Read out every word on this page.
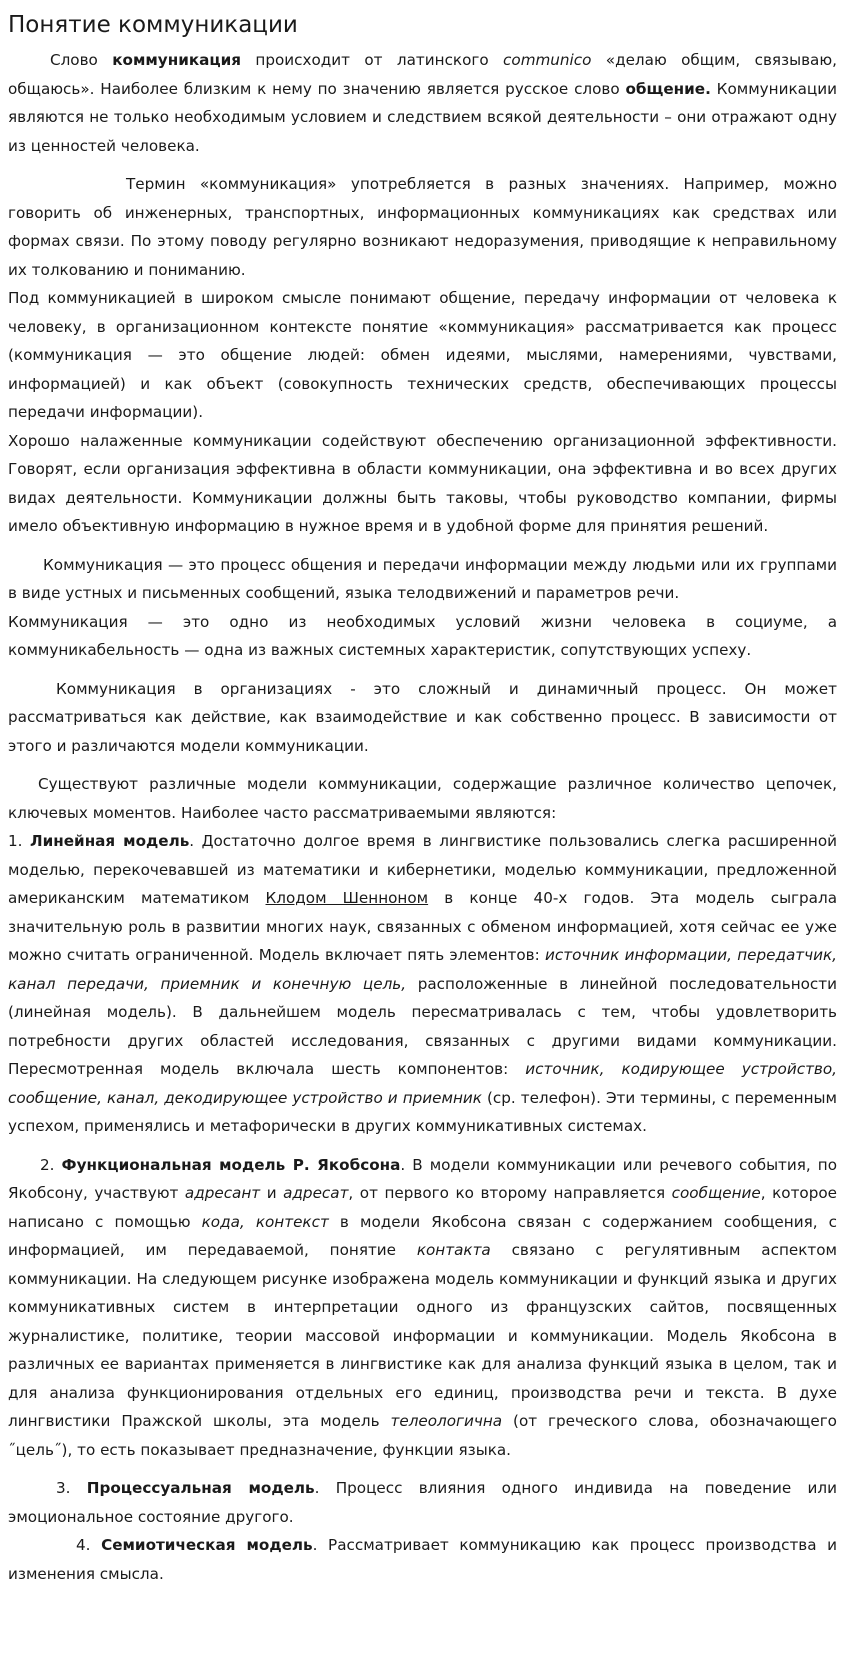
Понятие коммуникации

Слово коммуникация происходит от латинского communico «делаю общим, связываю, общаюсь». Наиболее близким к нему по значению является русское слово общение. Коммуникации являются не только необходимым условием и следствием всякой деятельности – они отражают одну из ценностей человека.

Термин «коммуникация» употребляется в разных значениях. Например, можно говорить об инженерных, транспортных, информационных коммуникациях как средствах или формах связи. По этому поводу регулярно возникают недоразумения, приводящие к неправильному их толкованию и пониманию.

Под коммуникацией в широком смысле понимают общение, передачу информации от человека к человеку, в организационном контексте понятие «коммуникация» рассматривается как процесс (коммуникация — это общение людей: обмен идеями, мыслями, намерениями, чувствами, информацией) и как объект (совокупность технических средств, обеспечивающих процессы передачи информации).

Хорошо налаженные коммуникации содействуют обеспечению организационной эффективности. Говорят, если организация эффективна в области коммуникации, она эффективна и во всех других видах деятельности. Коммуникации должны быть таковы, чтобы руководство компании, фирмы имело объективную информацию в нужное время и в удобной форме для принятия решений.

Коммуникация — это процесс общения и передачи информации между людьми или их группами в виде устных и письменных сообщений, языка телодвижений и параметров речи.

Коммуникация — это одно из необходимых условий жизни человека в социуме, а коммуникабельность — одна из важных системных характеристик, сопутствующих успеху.

Коммуникация в организациях - это сложный и динамичный процесс. Он может рассматриваться как действие, как взаимодействие и как собственно процесс. В зависимости от этого и различаются модели коммуникации.

Существуют различные модели коммуникации, содержащие различное количество цепочек, ключевых моментов. Наиболее часто рассматриваемыми являются:

1. Линейная модель. Достаточно долгое время в лингвистике пользовались слегка расширенной моделью, перекочевавшей из математики и кибернетики, моделью коммуникации, предложенной американским математиком Клодом Шенноном в конце 40-х годов. Эта модель сыграла значительную роль в развитии многих наук, связанных с обменом информацией, хотя сейчас ее уже можно считать ограниченной. Модель включает пять элементов: источник информации, передатчик, канал передачи, приемник и конечную цель, расположенные в линейной последовательности (линейная модель). В дальнейшем модель пересматривалась с тем, чтобы удовлетворить потребности других областей исследования, связанных с другими видами коммуникации. Пересмотренная модель включала шесть компонентов: источник, кодирующее устройство, сообщение, канал, декодирующее устройство и приемник (ср. телефон). Эти термины, с переменным успехом, применялись и метафорически в других коммуникативных системах.

2. Функциональная модель Р. Якобсона. В модели коммуникации или речевого события, по Якобсону, участвуют адресант и адресат, от первого ко второму направляется сообщение, которое написано с помощью кода, контекст в модели Якобсона связан с содержанием сообщения, с информацией, им передаваемой, понятие контакта связано с регулятивным аспектом коммуникации. На следующем рисунке изображена модель коммуникации и функций языка и других коммуникативных систем в интерпретации одного из французских сайтов, посвященных журналистике, политике, теории массовой информации и коммуникации. Модель Якобсона в различных ее вариантах применяется в лингвистике как для анализа функций языка в целом, так и для анализа функционирования отдельных его единиц, производства речи и текста. В духе лингвистики Пражской школы, эта модель телеологична (от греческого слова, обозначающего ˝цель˝), то есть показывает предназначение, функции языка.

3. Процессуальная модель. Процесс влияния одного индивида на поведение или эмоциональное состояние другого.

4. Семиотическая модель. Рассматривает коммуникацию как процесс производства и изменения смысла.
